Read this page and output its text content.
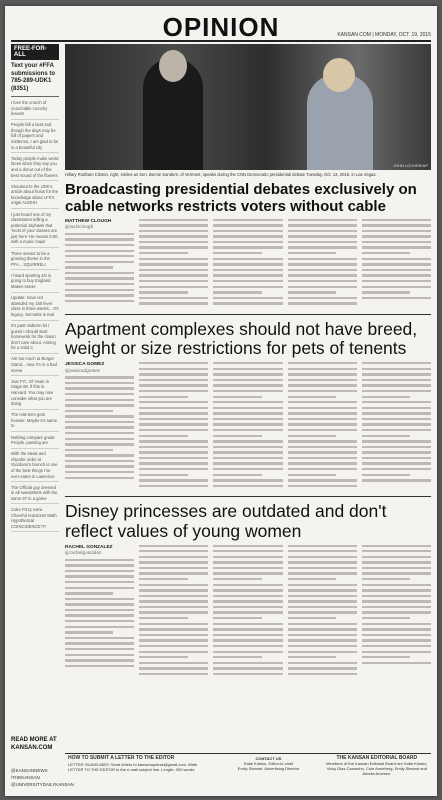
OPINION	KANSAN.COM | MONDAY, OCT. 19, 2015
FREE-FOR-ALL
Text your #FFA submissions to 785-289-UDK1 (8351)
I love the crunch of crunchable crunchy leaves!
People fall a best and though the days may be full of papers and midterms, I am glad to be in a beautiful city
Today people make weird faces when they say you and a donut out of the best sound of the flowers
Shoutout to the UDK's article about hulus for the knowledge about LFK's origin AUGHH
I just heard one of my classmates telling a potential Jayhawk that 'most of your classes are just here' He means 8:00 with a music major
There seems to be a growing theme in the FFA... SQUIRREL!
I heard sporting 4G is going to buy England. Makes sense
Update: have not attended my 150 level class in three weeks... It's legacy. Semonts is real
It's past midterm lol I guess I should start homework for the class I don't care about. Aiming for a solid C
Ate too much at Burger Stand... now I'm in a bad scene
Just FYI, Ol' Sean in Stage 69, if this is Harvard. You may now consider what you are doing
The mid-term gets heavier. Maybe it's same to
Nothing compare grade People. passing are
With the steak and chipotle order at Giordano's brunch is one of the best things I've ever eaten in Lawrence
The Official guy dressed in all sweatshirts with the same 97 in a game
Coke Fizzy extra Cheerful reactions! Math Hypothetical COINCIDENCE?!?
READ MORE AT KANSAN.COM
@KANSANNEWS
/THEKANSAN
@UNIVERSITYDAILYKANSAN
JOHN LOCHER/AP
Hillary Rodham Clinton, right, smiles as Sen. Bernie Sanders, of Vermont, speaks during the CNN Democratic presidential debate Tuesday, Oct. 13, 2015, in Las Vegas.
Broadcasting presidential debates exclusively on cable networks restricts voters without cable
MATTHEW CLOUGH
@mattclough
Apartment complexes should not have breed, weight or size restrictions for pets of tenents
JESSICA GOMEZ
@jessicadgomez
Disney princesses are outdated and don't reflect values of young women
RACHEL GONZALEZ
@rachelgonzalez
HOW TO SUBMIT A LETTER TO THE EDITOR
LETTER GUIDELINES: Send letters to kansanopdesk@gmail.com. Write LETTER TO THE EDITOR in the e-mail subject line. Length: 300 words.
CONTACT US
Katie Kutsko, Editor-in-chief
Emily Stewart, Advertising Director
THE KANSAN EDITORIAL BOARD
Members of the Kansan Editorial Board are Katie Kutsko, Vicky Diaz-Camacho, Cole Anneberg, Emily Stewart and Amelia Arvesen.
